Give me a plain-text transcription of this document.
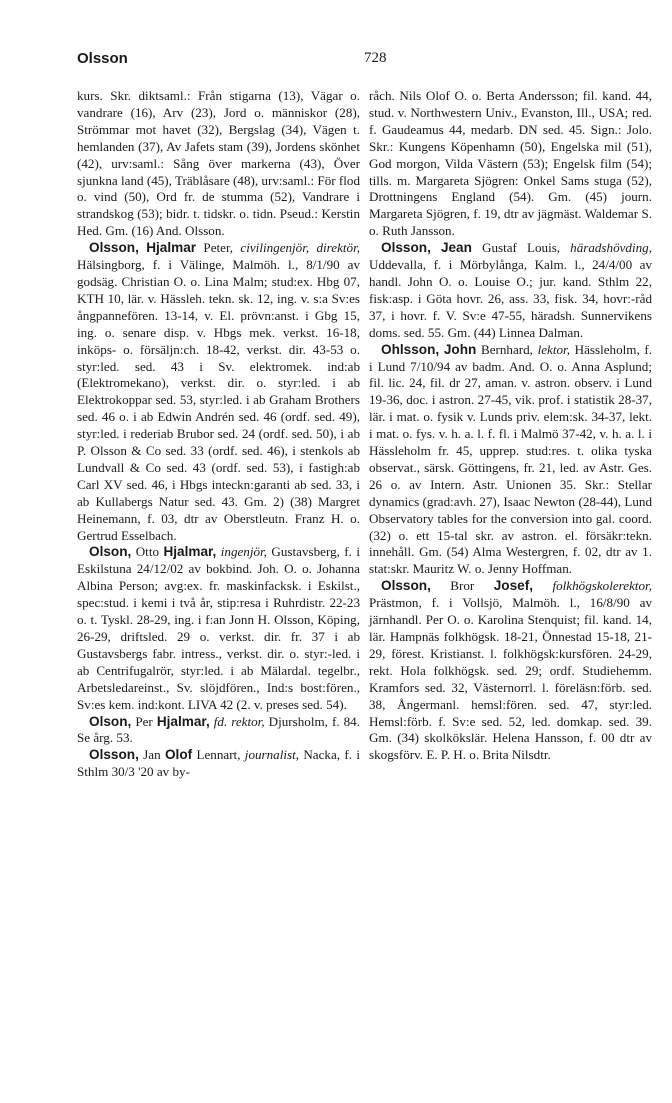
Olsson	728

kurs. Skr. diktsaml.: Från stigarna (13), Vägar o. vandrare (16), Arv (23), Jord o. människor (28), Strömmar mot havet (32), Bergslag (34), Vägen t. hemlanden (37), Av Jafets stam (39), Jordens skönhet (42), urv:saml.: Sång över markerna (43), Över sjunkna land (45), Träblåsare (48), urv:saml.: För flod o. vind (50), Ord fr. de stumma (52), Vandrare i strandskog (53); bidr. t. tidskr. o. tidn. Pseud.: Kerstin Hed. Gm. (16) And. Olsson.

Olsson, Hjalmar Peter, civilingenjör, direktör, Hälsingborg, f. i Välinge, Malmöh. l., 8/1/90 av godsäg. Christian O. o. Lina Malm; stud:ex. Hbg 07, KTH 10, lär. v. Hässleh. tekn. sk. 12, ing. v. s:a Sv:es ångpannefören. 13-14, v. El. prövn:anst. i Gbg 15, ing. o. senare disp. v. Hbgs mek. verkst. 16-18, inköps- o. försäljn:ch. 18-42, verkst. dir. 43-53 o. styr:led. sed. 43 i Sv. elektromek. ind:ab (Elektromekano), verkst. dir. o. styr:led. i ab Elektrokoppar sed. 53, styr:led. i ab Graham Brothers sed. 46 o. i ab Edwin Andrén sed. 46 (ordf. sed. 49), styr:led. i rederiab Brubor sed. 24 (ordf. sed. 50), i ab P. Olsson & Co sed. 33 (ordf. sed. 46), i stenkols ab Lundvall & Co sed. 43 (ordf. sed. 53), i fastigh:ab Carl XV sed. 46, i Hbgs inteckn:garanti ab sed. 33, i ab Kullabergs Natur sed. 43. Gm. 2) (38) Margret Heinemann, f. 03, dtr av Oberstleutn. Franz H. o. Gertrud Esselbach.

Olson, Otto Hjalmar, ingenjör, Gustavsberg, f. i Eskilstuna 24/12/02 av bokbind. Joh. O. o. Johanna Albina Person; avg:ex. fr. maskinfacksk. i Eskilst., spec:stud. i kemi i två år, stip:resa i Ruhrdistr. 22-23 o. t. Tyskl. 28-29, ing. i f:an Jonn H. Olsson, Köping, 26-29, driftsled. 29 o. verkst. dir. fr. 37 i ab Gustavsbergs fabr. intress., verkst. dir. o. styr:-led. i ab Centrifugalrör, styr:led. i ab Mälardal. tegelbr., Arbetsledareinst., Sv. slöjdfören., Ind:s bost:fören., Sv:es kem. ind:kont. LIVA 42 (2. v. preses sed. 54).

Olson, Per Hjalmar, fd. rektor, Djursholm, f. 84. Se årg. 53.

Olsson, Jan Olof Lennart, journalist, Nacka, f. i Sthlm 30/3 '20 av by-

råch. Nils Olof O. o. Berta Andersson; fil. kand. 44, stud. v. Northwestern Univ., Evanston, Ill., USA; red. f. Gaudeamus 44, medarb. DN sed. 45. Sign.: Jolo. Skr.: Kungens Köpenhamn (50), Engelska mil (51), God morgon, Vilda Västern (53); Engelsk film (54); tills. m. Margareta Sjögren: Onkel Sams stuga (52), Drottningens England (54). Gm. (45) journ. Margareta Sjögren, f. 19, dtr av jägmäst. Waldemar S. o. Ruth Jansson.

Olsson, Jean Gustaf Louis, häradshövding, Uddevalla, f. i Mörbylånga, Kalm. l., 24/4/00 av handl. John O. o. Louise O.; jur. kand. Sthlm 22, fisk:asp. i Göta hovr. 26, ass. 33, fisk. 34, hovr:-råd 37, i hovr. f. V. Sv:e 47-55, häradsh. Sunnervikens doms. sed. 55. Gm. (44) Linnea Dalman.

Ohlsson, John Bernhard, lektor, Hässleholm, f. i Lund 7/10/94 av badm. And. O. o. Anna Asplund; fil. lic. 24, fil. dr 27, aman. v. astron. observ. i Lund 19-36, doc. i astron. 27-45, vik. prof. i statistik 28-37, lär. i mat. o. fysik v. Lunds priv. elem:sk. 34-37, lekt. i mat. o. fys. v. h. a. l. f. fl. i Malmö 37-42, v. h. a. l. i Hässleholm fr. 45, upprep. stud:res. t. olika tyska observat., särsk. Göttingens, fr. 21, led. av Astr. Ges. 26 o. av Intern. Astr. Unionen 35. Skr.: Stellar dynamics (grad:avh. 27), Isaac Newton (28-44), Lund Observatory tables for the conversion into gal. coord. (32) o. ett 15-tal skr. av astron. el. försäkr:tekn. innehåll. Gm. (54) Alma Westergren, f. 02, dtr av 1. stat:skr. Mauritz W. o. Jenny Hoffman.

Olsson, Bror Josef, folkhögskolerektor, Prästmon, f. i Vollsjö, Malmöh. l., 16/8/90 av järnhandl. Per O. o. Karolina Stenquist; fil. kand. 14, lär. Hampnäs folkhögsk. 18-21, Önnestad 15-18, 21-29, förest. Kristianst. l. folkhögsk:kursfören. 24-29, rekt. Hola folkhögsk. sed. 29; ordf. Studiehemm. Kramfors sed. 32, Västernorrl. l. föreläsn:förb. sed. 38, Ångermanl. hemsl:fören. sed. 47, styr:led. Hemsl:förb. f. Sv:e sed. 52, led. domkap. sed. 39. Gm. (34) skolkökslär. Helena Hansson, f. 00 dtr av skogsförv. E. P. H. o. Brita Nilsdtr.
